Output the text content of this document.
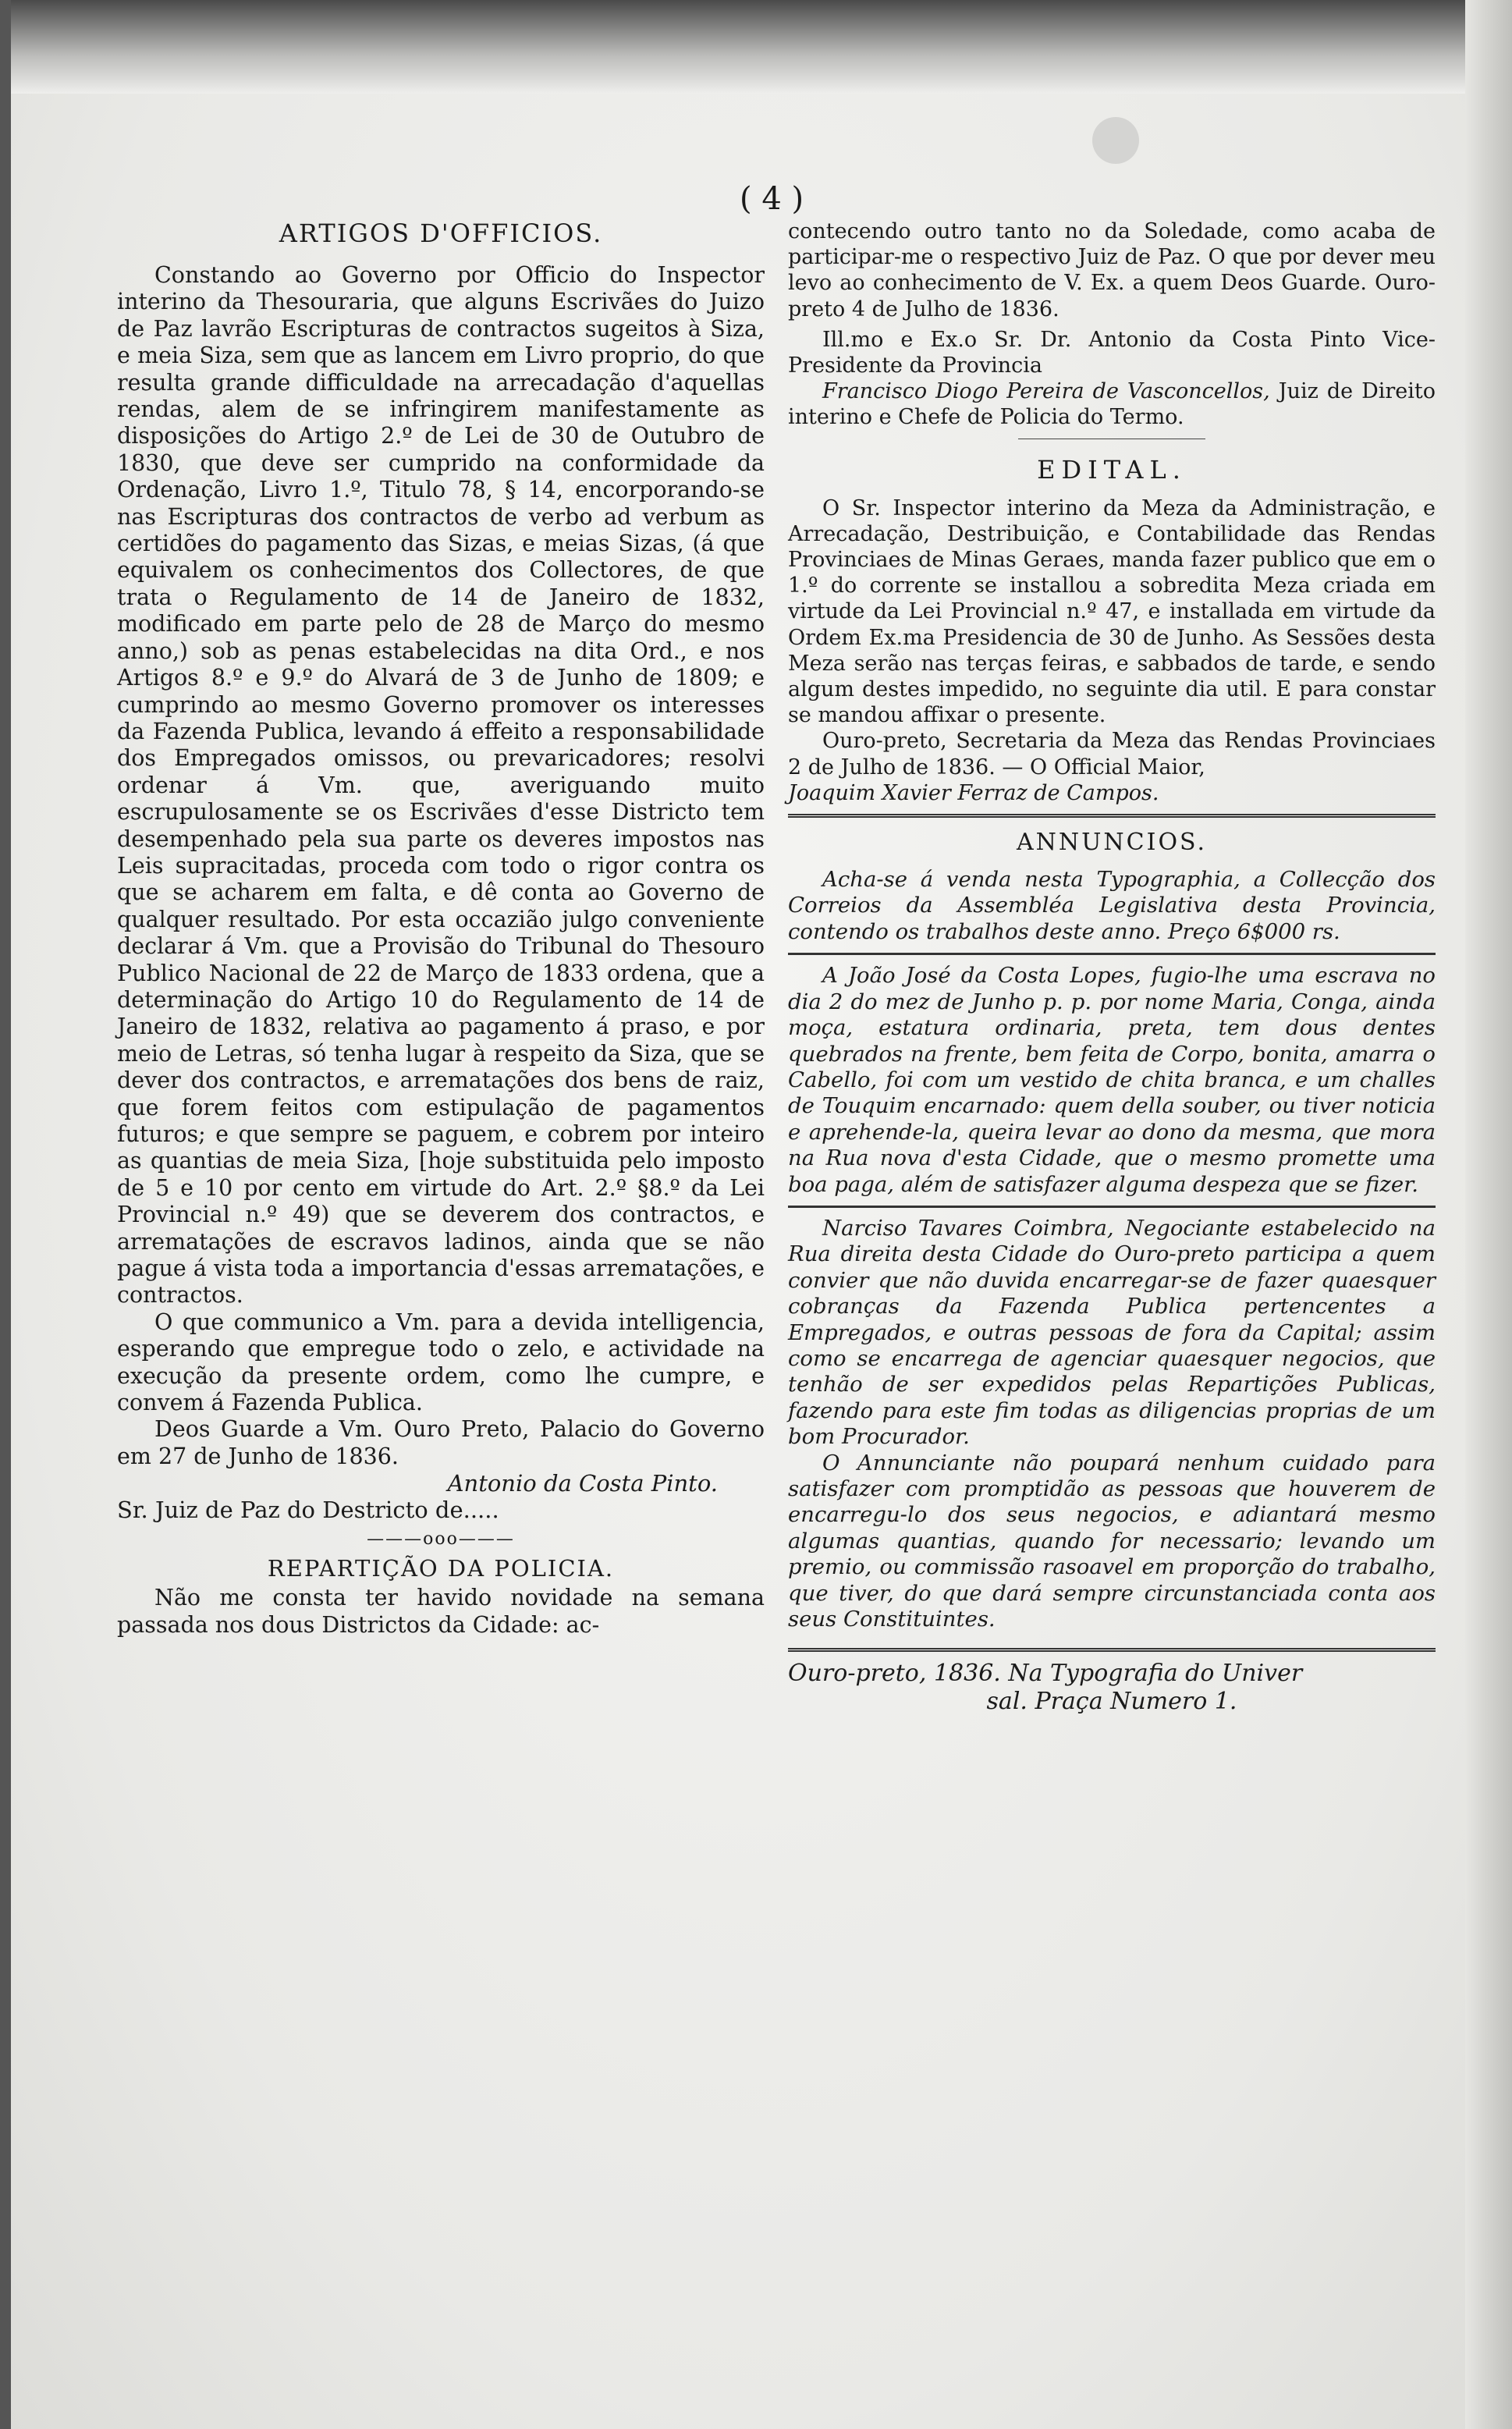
( 4 )
ARTIGOS D'OFFICIOS.

Constando ao Governo por Officio do Inspector interino da Thesouraria, que alguns Escrivães do Juizo de Paz lavrão Escripturas de contractos sugeitos à Siza, e meia Siza, sem que as lancem em Livro proprio, do que resulta grande difficuldade na arrecadação d'aquellas rendas, alem de se infringirem manifestamente as disposições do Artigo 2.º de Lei de 30 de Outubro de 1830, que deve ser cumprido na conformidade da Ordenação, Livro 1.º, Titulo 78, § 14, encorporando-se nas Escripturas dos contractos de verbo ad verbum as certidões do pagamento das Sizas, e meias Sizas, (á que equivalem os conhecimentos dos Collectores, de que trata o Regulamento de 14 de Janeiro de 1832, modificado em parte pelo de 28 de Março do mesmo anno,) sob as penas estabelecidas na dita Ord., e nos Artigos 8.º e 9.º do Alvará de 3 de Junho de 1809; e cumprindo ao mesmo Governo promover os interesses da Fazenda Publica, levando á effeito a responsabilidade dos Empregados omissos, ou prevaricadores; resolvi ordenar á Vm. que, averiguando muito escrupulosamente se os Escrivães d'esse Districto tem desempenhado pela sua parte os deveres impostos nas Leis supracitadas, proceda com todo o rigor contra os que se acharem em falta, e dê conta ao Governo de qualquer resultado. Por esta occazião julgo conveniente declarar á Vm. que a Provisão do Tribunal do Thesouro Publico Nacional de 22 de Março de 1833 ordena, que a determinação do Artigo 10 do Regulamento de 14 de Janeiro de 1832, relativa ao pagamento á praso, e por meio de Letras, só tenha lugar à respeito da Siza, que se dever dos contractos, e arrematações dos bens de raiz, que forem feitos com estipulação de pagamentos futuros; e que sempre se paguem, e cobrem por inteiro as quantias de meia Siza, [hoje substituida pelo imposto de 5 e 10 por cento em virtude do Art. 2.º §8.º da Lei Provincial n.º 49) que se deverem dos contractos, e arrematações de escravos ladinos, ainda que se não pague á vista toda a importancia d'essas arrematações, e contractos.

O que communico a Vm. para a devida intelligencia, esperando que empregue todo o zelo, e actividade na execução da presente ordem, como lhe cumpre, e convem á Fazenda Publica.

Deos Guarde a Vm. Ouro Preto, Palacio do Governo em 27 de Junho de 1836.

Antonio da Costa Pinto.

Sr. Juiz de Paz do Destricto de.....

———ooo———
REPARTIÇÃO DA POLICIA.

Não me consta ter havido novidade na semana passada nos dous Districtos da Cidade: ac-

contecendo outro tanto no da Soledade, como acaba de participar-me o respectivo Juiz de Paz. O que por dever meu levo ao conhecimento de V. Ex. a quem Deos Guarde. Ouro-preto 4 de Julho de 1836.

Ill.mo e Ex.o Sr. Dr. Antonio da Costa Pinto Vice-Presidente da Provincia

Francisco Diogo Pereira de Vasconcellos, Juiz de Direito interino e Chefe de Policia do Termo.

EDITAL.

O Sr. Inspector interino da Meza da Administração, e Arrecadação, Destribuição, e Contabilidade das Rendas Provinciaes de Minas Geraes, manda fazer publico que em o 1.º do corrente se installou a sobredita Meza criada em virtude da Lei Provincial n.º 47, e installada em virtude da Ordem Ex.ma Presidencia de 30 de Junho. As Sessões desta Meza serão nas terças feiras, e sabbados de tarde, e sendo algum destes impedido, no seguinte dia util. E para constar se mandou affixar o presente.

Ouro-preto, Secretaria da Meza das Rendas Provinciaes 2 de Julho de 1836. — O Official Maior,

Joaquim Xavier Ferraz de Campos.

ANNUNCIOS.

Acha-se á venda nesta Typographia, a Collecção dos Correios da Assembléa Legislativa desta Provincia, contendo os trabalhos deste anno. Preço 6$000 rs.

A João José da Costa Lopes, fugio-lhe uma escrava no dia 2 do mez de Junho p. p. por nome Maria, Conga, ainda moça, estatura ordinaria, preta, tem dous dentes quebrados na frente, bem feita de Corpo, bonita, amarra o Cabello, foi com um vestido de chita branca, e um challes de Touquim encarnado: quem della souber, ou tiver noticia e aprehende-la, queira levar ao dono da mesma, que mora na Rua nova d'esta Cidade, que o mesmo promette uma boa paga, além de satisfazer alguma despeza que se fizer.

Narciso Tavares Coimbra, Negociante estabelecido na Rua direita desta Cidade do Ouro-preto participa a quem convier que não duvida encarregar-se de fazer quaesquer cobranças da Fazenda Publica pertencentes a Empregados, e outras pessoas de fora da Capital; assim como se encarrega de agenciar quaesquer negocios, que tenhão de ser expedidos pelas Repartições Publicas, fazendo para este fim todas as diligencias proprias de um bom Procurador.

O Annunciante não poupará nenhum cuidado para satisfazer com promptidão as pessoas que houverem de encarregu-lo dos seus negocios, e adiantará mesmo algumas quantias, quando for necessario; levando um premio, ou commissão rasoavel em proporção do trabalho, que tiver, do que dará sempre circunstanciada conta aos seus Constituintes.

Ouro-preto, 1836. Na Typografia do Univer

sal. Praça Numero 1.
